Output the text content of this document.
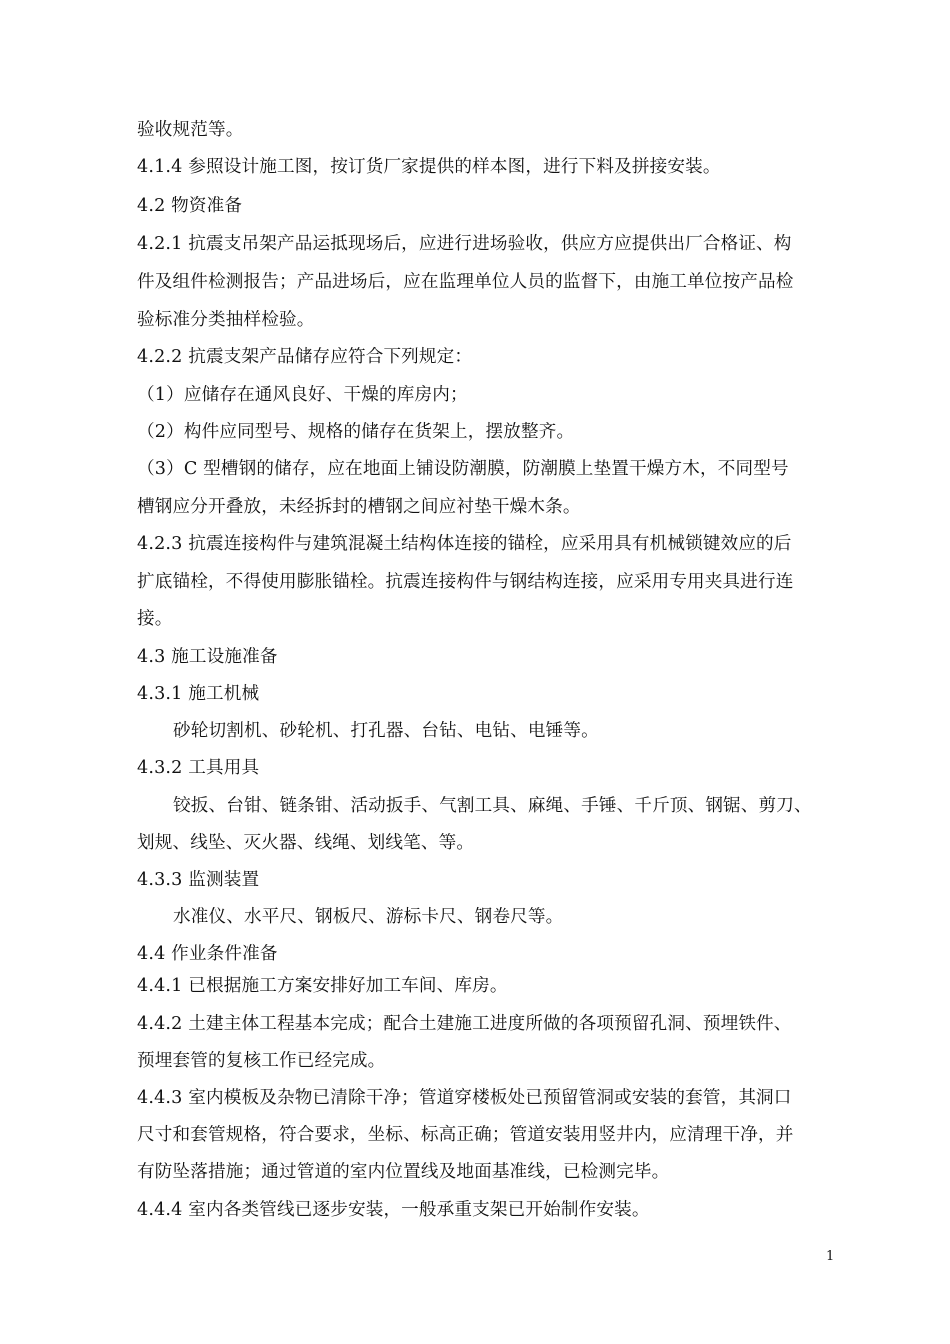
验收规范等。
4.1.4 参照设计施工图，按订货厂家提供的样本图，进行下料及拼接安装。
4.2 物资准备
4.2.1 抗震支吊架产品运抵现场后，应进行进场验收，供应方应提供出厂合格证、构
件及组件检测报告；产品进场后，应在监理单位人员的监督下，由施工单位按产品检
验标准分类抽样检验。
4.2.2 抗震支架产品储存应符合下列规定：
（1）应储存在通风良好、干燥的库房内；
（2）构件应同型号、规格的储存在货架上，摆放整齐。
（3）C 型槽钢的储存，应在地面上铺设防潮膜，防潮膜上垫置干燥方木，不同型号
槽钢应分开叠放，未经拆封的槽钢之间应衬垫干燥木条。
4.2.3 抗震连接构件与建筑混凝土结构体连接的锚栓，应采用具有机械锁键效应的后
扩底锚栓，不得使用膨胀锚栓。抗震连接构件与钢结构连接，应采用专用夹具进行连
接。
4.3 施工设施准备
4.3.1 施工机械
砂轮切割机、砂轮机、打孔器、台钻、电钻、电锤等。
4.3.2 工具用具
铰扳、台钳、链条钳、活动扳手、气割工具、麻绳、手锤、千斤顶、钢锯、剪刀、
划规、线坠、灭火器、线绳、划线笔、等。
4.3.3 监测装置
水准仪、水平尺、钢板尺、游标卡尺、钢卷尺等。
4.4 作业条件准备
4.4.1 已根据施工方案安排好加工车间、库房。
4.4.2 土建主体工程基本完成；配合土建施工进度所做的各项预留孔洞、预埋铁件、
预埋套管的复核工作已经完成。
4.4.3 室内模板及杂物已清除干净；管道穿楼板处已预留管洞或安装的套管，其洞口
尺寸和套管规格，符合要求，坐标、标高正确；管道安装用竖井内，应清理干净，并
有防坠落措施；通过管道的室内位置线及地面基准线，已检测完毕。
4.4.4 室内各类管线已逐步安装，一般承重支架已开始制作安装。
1
